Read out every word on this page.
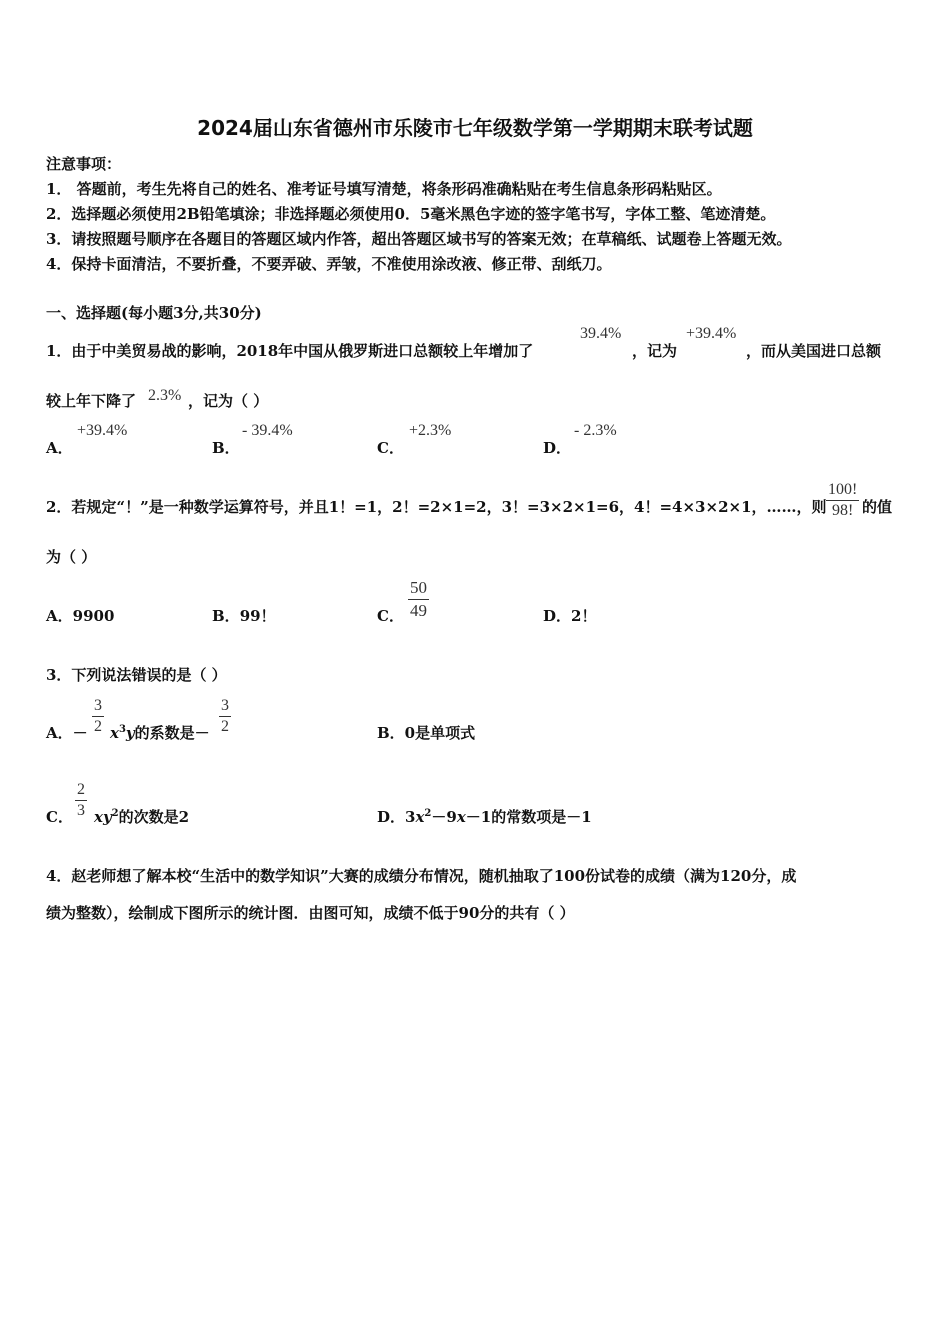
2024届山东省德州市乐陵市七年级数学第一学期期末联考试题
注意事项：
1． 答题前，考生先将自己的姓名、准考证号填写清楚，将条形码准确粘贴在考生信息条形码粘贴区。
2．选择题必须使用2B铅笔填涂；非选择题必须使用0．5毫米黑色字迹的签字笔书写，字体工整、笔迹清楚。
3．请按照题号顺序在各题目的答题区域内作答，超出答题区域书写的答案无效；在草稿纸、试题卷上答题无效。
4．保持卡面清洁，不要折叠，不要弄破、弄皱，不准使用涂改液、修正带、刮纸刀。
一、选择题(每小题3分,共30分)
1．由于中美贸易战的影响，2018年中国从俄罗斯进口总额较上年增加了
39.4%
，记为
+39.4%
，而从美国进口总额
较上年下降了 2.3% ，记为（ ）
A．
+39.4%
B．
- 39.4%
C．
+2.3%
D．
- 2.3%
2．若规定“！”是一种数学运算符号，并且1！=1，2！=2×1=2，3！=3×2×1=6，4！=4×3×2×1，……，则 $\frac{100!}{98!}$ 的值
为（ ）
A．9900	B．99！	C． $\frac{50}{49}$	D．2！
3．下列说法错误的是（ ）
A．－ $\frac{3}{2} x^3y$的系数是－ $\frac{3}{2}$	B．0是单项式
C． $\frac{2}{3} xy^2$的次数是2	D．$3x^2-9x-1$的常数项是－1
4．赵老师想了解本校“生活中的数学知识”大赛的成绩分布情况，随机抽取了100份试卷的成绩（满为120分，成
绩为整数），绘制成下图所示的统计图．由图可知，成绩不低于90分的共有（ ）
